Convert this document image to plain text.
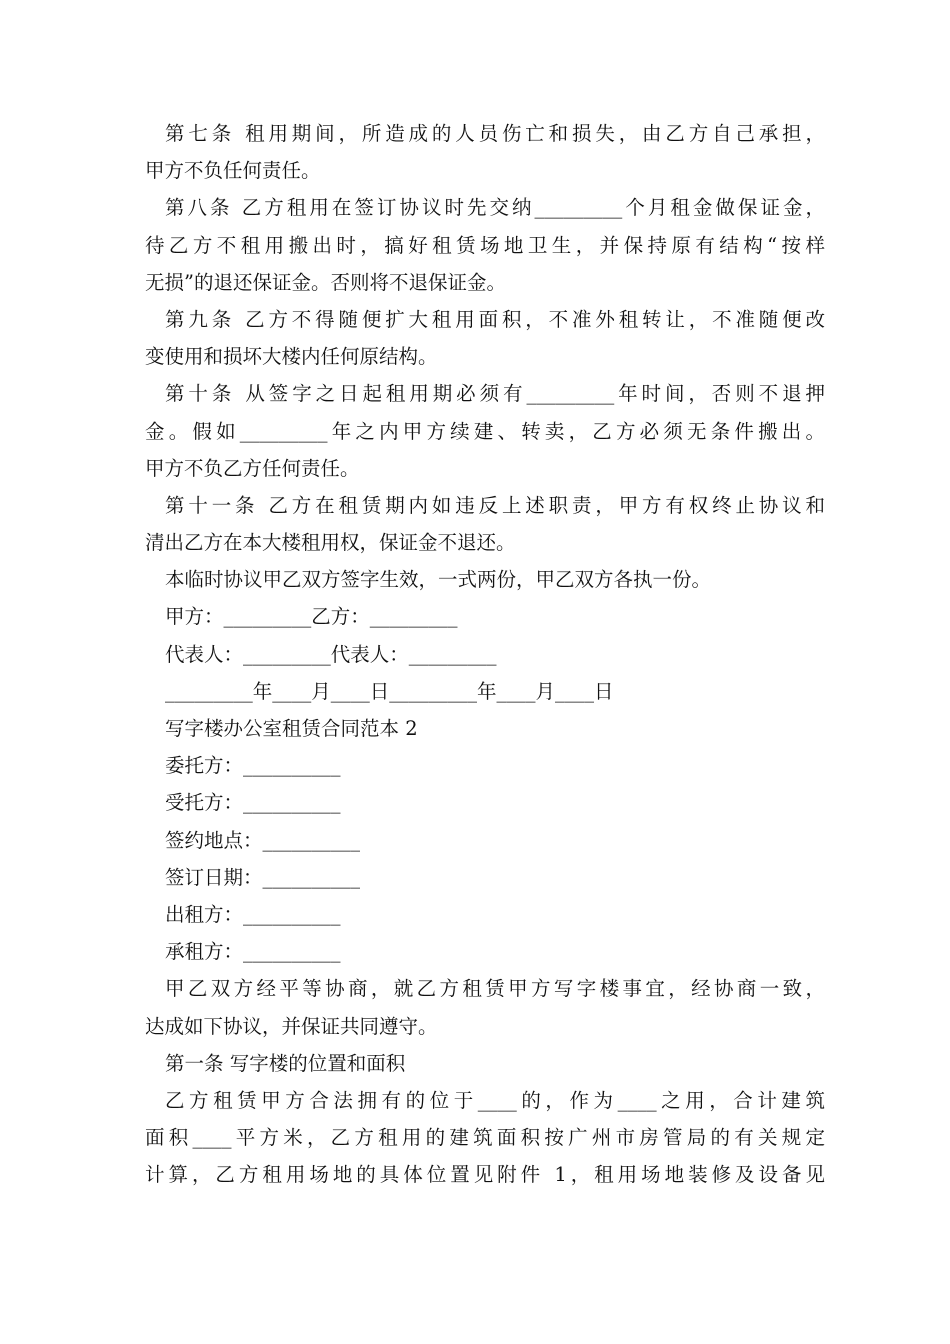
第七条 租用期间，所造成的人员伤亡和损失，由乙方自己承担，
甲方不负任何责任。
第八条 乙方租用在签订协议时先交纳_________个月租金做保证金，
待乙方不租用搬出时，搞好租赁场地卫生，并保持原有结构“按样
无损”的退还保证金。否则将不退保证金。
第九条 乙方不得随便扩大租用面积，不准外租转让，不准随便改
变使用和损坏大楼内任何原结构。
第十条 从签字之日起租用期必须有_________年时间，否则不退押
金。假如_________年之内甲方续建、转卖，乙方必须无条件搬出。
甲方不负乙方任何责任。
第十一条 乙方在租赁期内如违反上述职责，甲方有权终止协议和
清出乙方在本大楼租用权，保证金不退还。
本临时协议甲乙双方签字生效，一式两份，甲乙双方各执一份。
甲方：_________乙方：_________
代表人：_________代表人：_________
_________年____月____日_________年____月____日
写字楼办公室租赁合同范本 2
委托方：__________
受托方：__________
签约地点：__________
签订日期：__________
出租方：__________
承租方：__________
甲乙双方经平等协商，就乙方租赁甲方写字楼事宜，经协商一致，
达成如下协议，并保证共同遵守。
第一条 写字楼的位置和面积
乙方租赁甲方合法拥有的位于____的，作为____之用，合计建筑
面积____平方米，乙方租用的建筑面积按广州市房管局的有关规定
计算，乙方租用场地的具体位置见附件 1，租用场地装修及设备见
